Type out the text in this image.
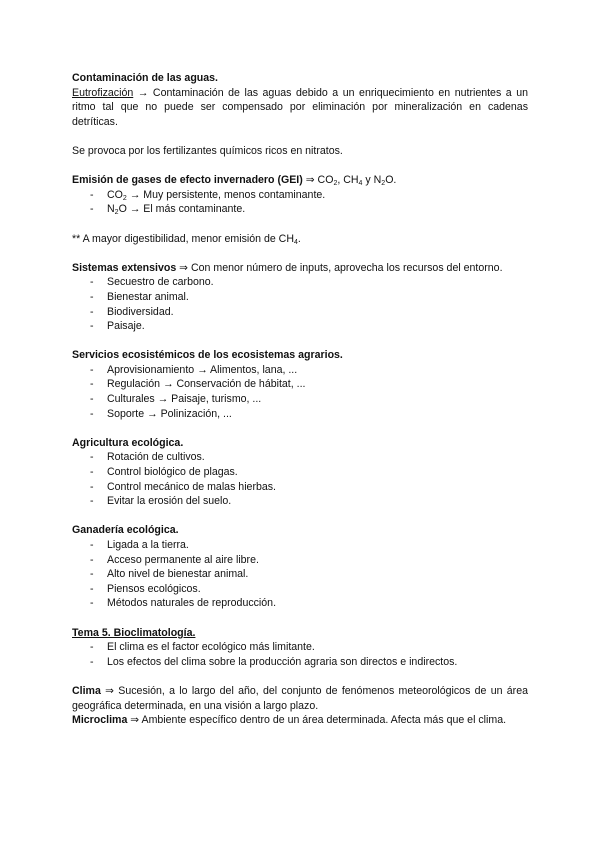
Contaminación de las aguas.

Eutrofización → Contaminación de las aguas debido a un enriquecimiento en nutrientes a un ritmo tal que no puede ser compensado por eliminación por mineralización en cadenas detríticas.

Se provoca por los fertilizantes químicos ricos en nitratos.

Emisión de gases de efecto invernadero (GEI) ⇒ $CO_2$, $CH_4$ y $N_2O$.

- $CO_2$ → Muy persistente, menos contaminante.
- $N_2O \to El$ más contaminante.

** A mayor digestibilidad, menor emisión de $CH_4$.

Sistemas extensivos ⇒ Con menor número de inputs, aprovecha los recursos del entorno.

- Secuestro de carbono.
- Bienestar animal.
- Biodiversidad.
- Paisaje.

Servicios ecosistémicos de los ecosistemas agrarios.

- Aprovisionamiento → Alimentos, lana, ...
- Regulación → Conservación de hábitat, ...
- Culturales → Paisaje, turismo, ...
- Soporte → Polinización, ...

Agricultura ecológica.

- Rotación de cultivos.
- Control biológico de plagas.
- Control mecánico de malas hierbas.
- Evitar la erosión del suelo.

Ganadería ecológica.

- Ligada a la tierra.
- Acceso permanente al aire libre.
- Alto nivel de bienestar animal.
- Piensos ecológicos.
- Métodos naturales de reproducción.

Tema 5. Bioclimatología.

- El clima es el factor ecológico más limitante.
- Los efectos del clima sobre la producción agraria son directos e indirectos.

Clima ⇒ Sucesión, a lo largo del año, del conjunto de fenómenos meteorológicos de un área geográfica determinada, en una visión a largo plazo.

Microclima ⇒ Ambiente específico dentro de un área determinada. Afecta más que el clima.
